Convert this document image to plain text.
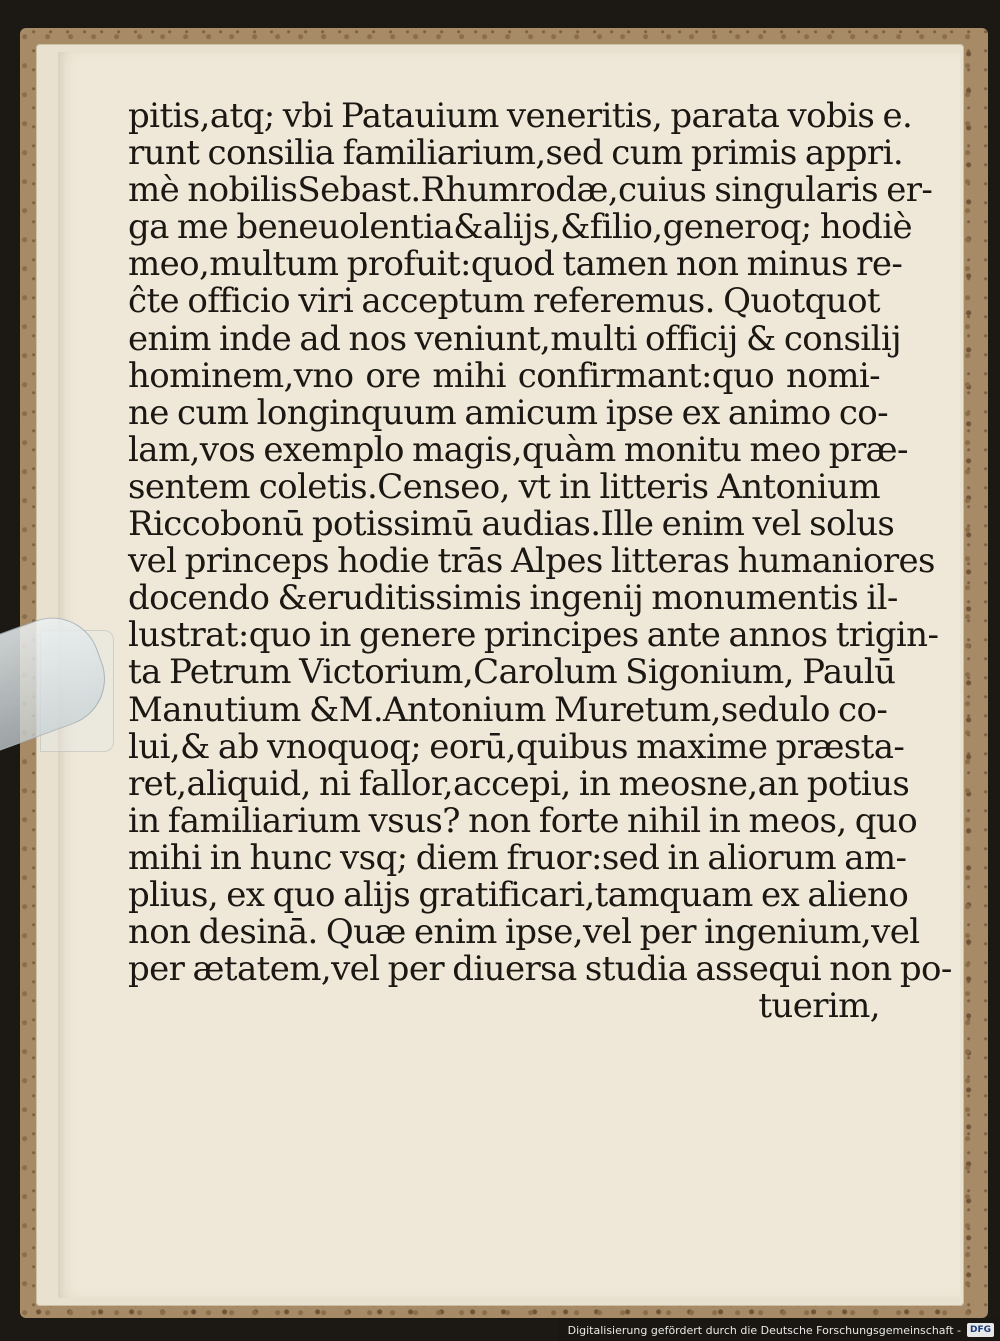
pitis,atq; vbi Patauium veneritis, parata vobis e.
runt consilia familiarium,sed cum primis appri.
mè nobilisSebast.Rhumrodæ,cuius singularis er-
ga me beneuolentia&alijs,&filio,generoq; hodiè
meo,multum profuit:quod tamen non minus re-
ĉte officio viri acceptum referemus. Quotquot
enim inde ad nos veniunt,multi officij & consilij
hominem,vno ore mihi confirmant:quo nomi-
ne cum longinquum amicum ipse ex animo co-
lam,vos exemplo magis,quàm monitu meo præ-
sentem coletis.Censeo, vt in litteris Antonium
Riccobonū potissimū audias.Ille enim vel solus
vel princeps hodie trās Alpes litteras humaniores
docendo &eruditissimis ingenij monumentis il-
lustrat:quo in genere principes ante annos trigin-
ta Petrum Victorium,Carolum Sigonium, Paulū
Manutium &M.Antonium Muretum,sedulo co-
lui,& ab vnoquoq; eorū,quibus maxime præsta-
ret,aliquid, ni fallor,accepi, in meosne,an potius
in familiarium vsus? non forte nihil in meos, quo
mihi in hunc vsq; diem fruor:sed in aliorum am-
plius, ex quo alijs gratificari,tamquam ex alieno
non desinā. Quæ enim ipse,vel per ingenium,vel
per ætatem,vel per diuersa studia assequi non po-
tuerim,
Digitalisierung gefördert durch die Deutsche Forschungsgemeinschaft -	DFG
